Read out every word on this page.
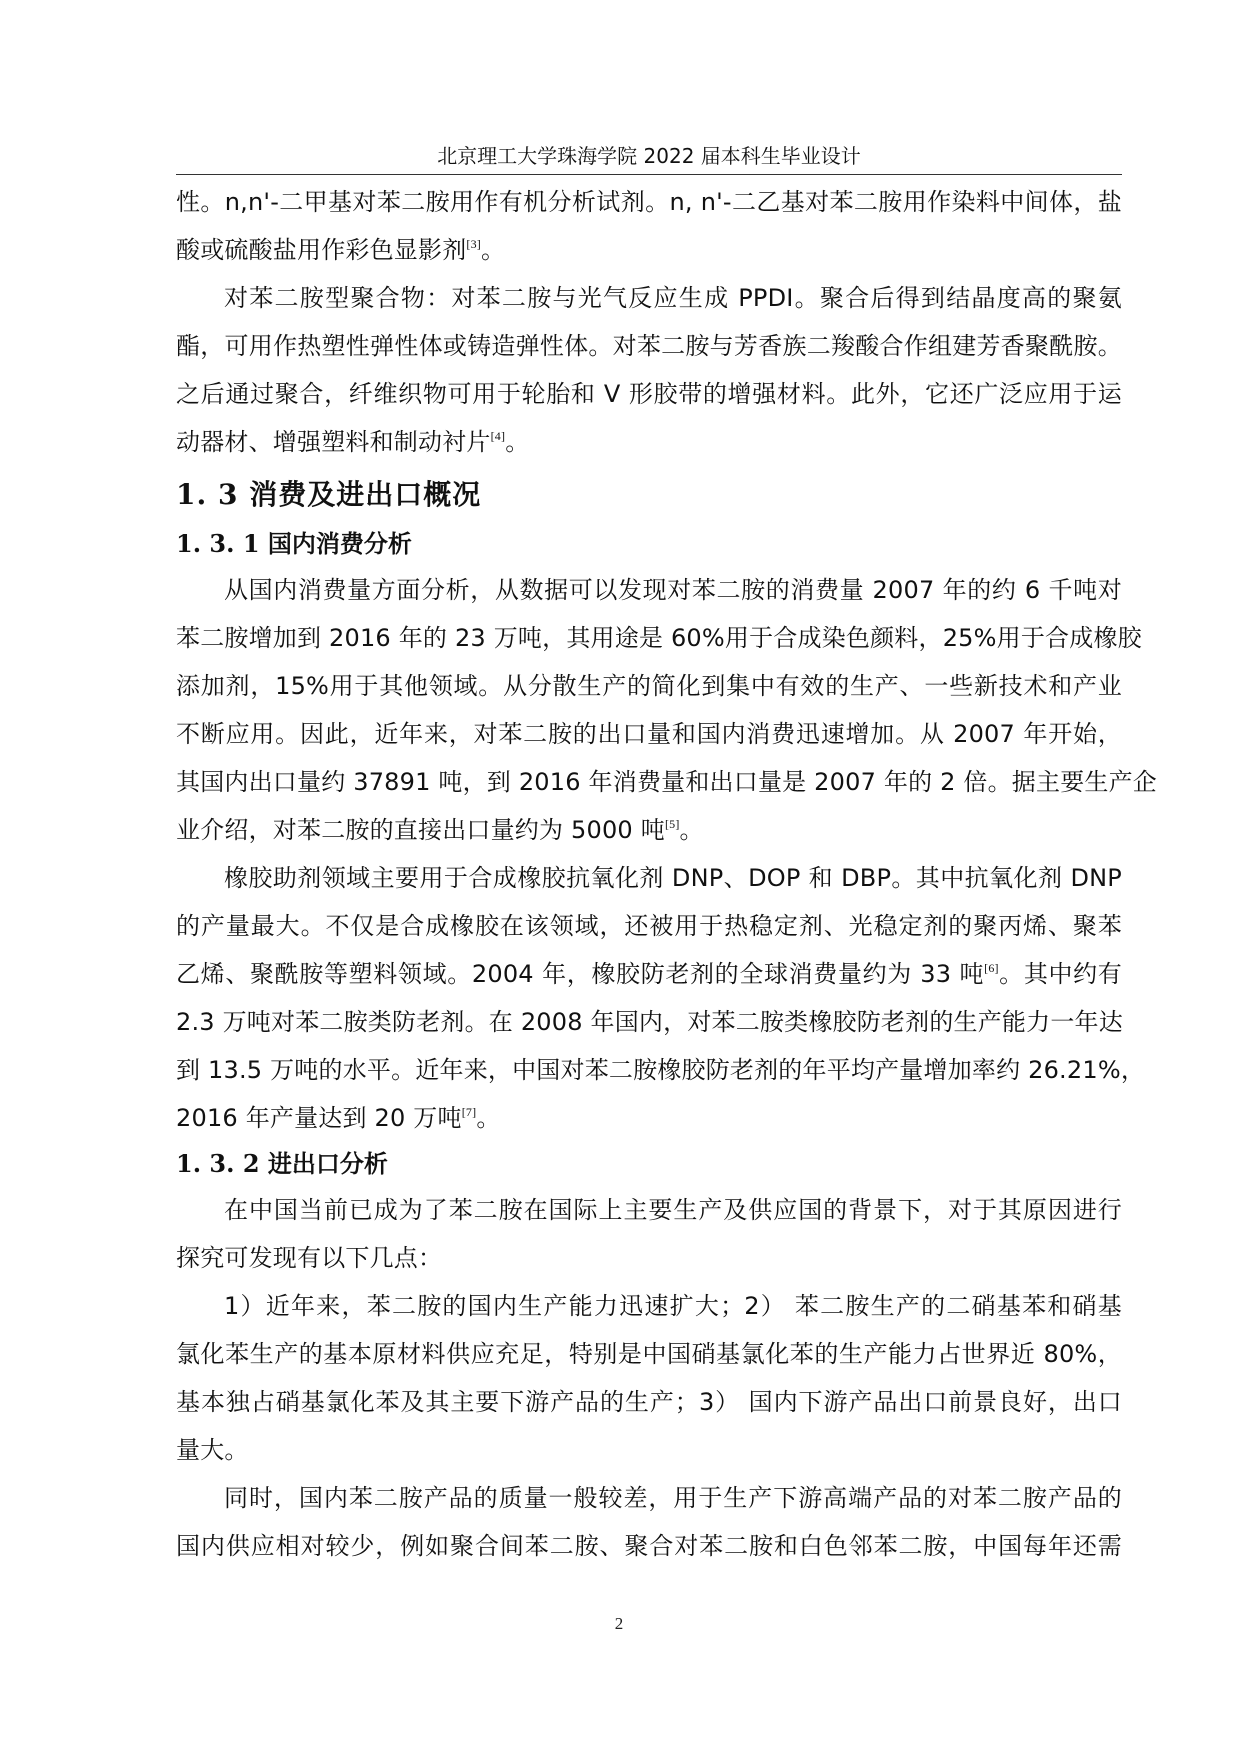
北京理工大学珠海学院 2022 届本科生毕业设计
性。n,n'-二甲基对苯二胺用作有机分析试剂。n, n'-二乙基对苯二胺用作染料中间体，盐
酸或硫酸盐用作彩色显影剂[3]。
对苯二胺型聚合物：对苯二胺与光气反应生成 PPDI。聚合后得到结晶度高的聚氨
酯，可用作热塑性弹性体或铸造弹性体。对苯二胺与芳香族二羧酸合作组建芳香聚酰胺。
之后通过聚合，纤维织物可用于轮胎和 V 形胶带的增强材料。此外，它还广泛应用于运
动器材、增强塑料和制动衬片[4]。
1. 3 消费及进出口概况
1. 3. 1 国内消费分析
从国内消费量方面分析，从数据可以发现对苯二胺的消费量 2007 年的约 6 千吨对
苯二胺增加到 2016 年的 23 万吨，其用途是 60%用于合成染色颜料，25%用于合成橡胶
添加剂，15%用于其他领域。从分散生产的简化到集中有效的生产、一些新技术和产业
不断应用。因此，近年来，对苯二胺的出口量和国内消费迅速增加。从 2007 年开始，
其国内出口量约 37891 吨，到 2016 年消费量和出口量是 2007 年的 2 倍。据主要生产企
业介绍，对苯二胺的直接出口量约为 5000 吨[5]。
橡胶助剂领域主要用于合成橡胶抗氧化剂 DNP、DOP 和 DBP。其中抗氧化剂 DNP
的产量最大。不仅是合成橡胶在该领域，还被用于热稳定剂、光稳定剂的聚丙烯、聚苯
乙烯、聚酰胺等塑料领域。2004 年，橡胶防老剂的全球消费量约为 33 吨[6]。其中约有
2.3 万吨对苯二胺类防老剂。在 2008 年国内，对苯二胺类橡胶防老剂的生产能力一年达
到 13.5 万吨的水平。近年来，中国对苯二胺橡胶防老剂的年平均产量增加率约 26.21%，
2016 年产量达到 20 万吨[7]。
1. 3. 2 进出口分析
在中国当前已成为了苯二胺在国际上主要生产及供应国的背景下，对于其原因进行
探究可发现有以下几点：
1）近年来，苯二胺的国内生产能力迅速扩大；2） 苯二胺生产的二硝基苯和硝基
氯化苯生产的基本原材料供应充足，特别是中国硝基氯化苯的生产能力占世界近 80%，
基本独占硝基氯化苯及其主要下游产品的生产；3） 国内下游产品出口前景良好，出口
量大。
同时，国内苯二胺产品的质量一般较差，用于生产下游高端产品的对苯二胺产品的
国内供应相对较少，例如聚合间苯二胺、聚合对苯二胺和白色邻苯二胺，中国每年还需
2
